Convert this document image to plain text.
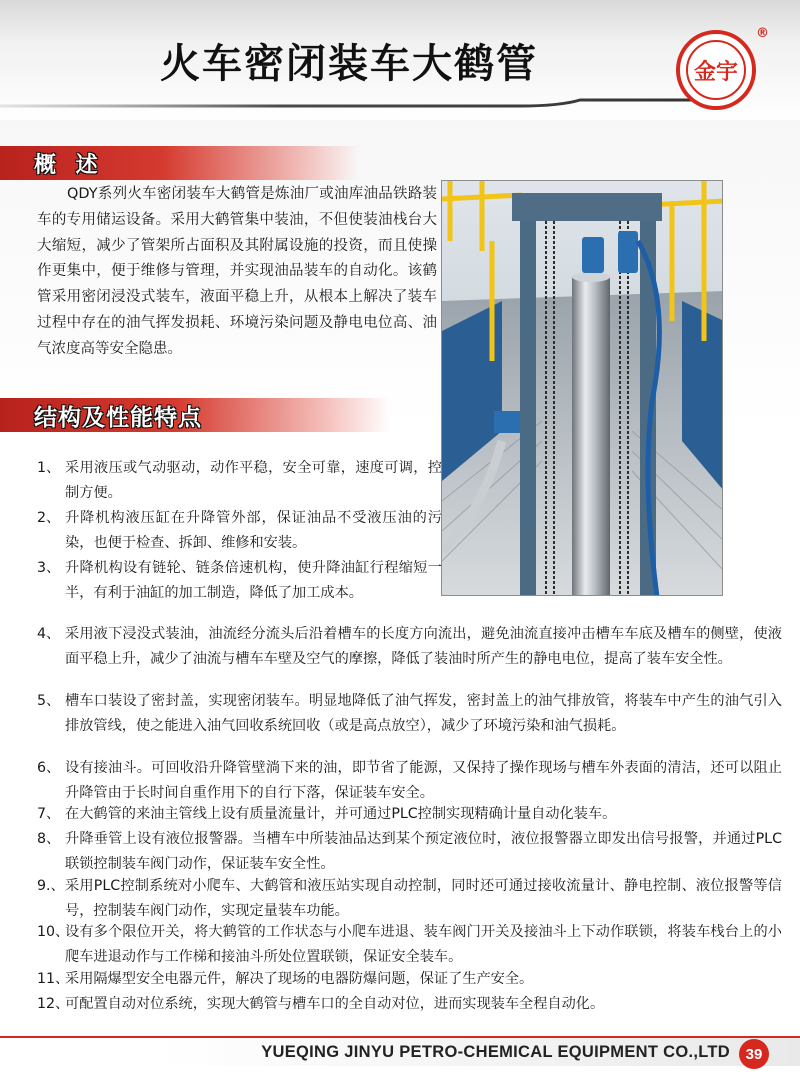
火车密闭装车大鹤管	金宇
®
概 述

QDY系列火车密闭装车大鹤管是炼油厂或油库油品铁路装车的专用储运设备。采用大鹤管集中装油，不但使装油栈台大大缩短，减少了管架所占面积及其附属设施的投资，而且使操作更集中，便于维修与管理，并实现油品装车的自动化。该鹤管采用密闭浸没式装车，液面平稳上升，从根本上解决了装车过程中存在的油气挥发损耗、环境污染问题及静电电位高、油气浓度高等安全隐患。

结构及性能特点
1、 采用液压或气动驱动，动作平稳，安全可靠，速度可调，控制方便。
2、 升降机构液压缸在升降管外部，保证油品不受液压油的污染，也便于检查、拆卸、维修和安装。
3、 升降机构设有链轮、链条倍速机构，使升降油缸行程缩短一半，有利于油缸的加工制造，降低了加工成本。
4、 采用液下浸没式装油，油流经分流头后沿着槽车的长度方向流出，避免油流直接冲击槽车车底及槽车的侧壁，使液面平稳上升，减少了油流与槽车车壁及空气的摩擦，降低了装油时所产生的静电电位，提高了装车安全性。
5、 槽车口装设了密封盖，实现密闭装车。明显地降低了油气挥发，密封盖上的油气排放管，将装车中产生的油气引入排放管线，使之能进入油气回收系统回收（或是高点放空），减少了环境污染和油气损耗。
6、 设有接油斗。可回收沿升降管壁淌下来的油，即节省了能源，又保持了操作现场与槽车外表面的清洁，还可以阻止升降管由于长时间自重作用下的自行下落，保证装车安全。
7、 在大鹤管的来油主管线上设有质量流量计，并可通过PLC控制实现精确计量自动化装车。
8、 升降垂管上设有液位报警器。当槽车中所装油品达到某个预定液位时，液位报警器立即发出信号报警，并通过PLC联锁控制装车阀门动作，保证装车安全性。
9.、 采用PLC控制系统对小爬车、大鹤管和液压站实现自动控制，同时还可通过接收流量计、静电控制、液位报警等信号，控制装车阀门动作，实现定量装车功能。
10、
设有多个限位开关，将大鹤管的工作状态与小爬车进退、装车阀门开关及接油斗上下动作联锁，将装车栈台上的小爬车进退动作与工作梯和接油斗所处位置联锁，保证安全装车。
11、
采用隔爆型安全电器元件，解决了现场的电器防爆问题，保证了生产安全。
12、
可配置自动对位系统，实现大鹤管与槽车口的全自动对位，进而实现装车全程自动化。
YUEQING JINYU PETRO-CHEMICAL EQUIPMENT CO.,LTD	39
